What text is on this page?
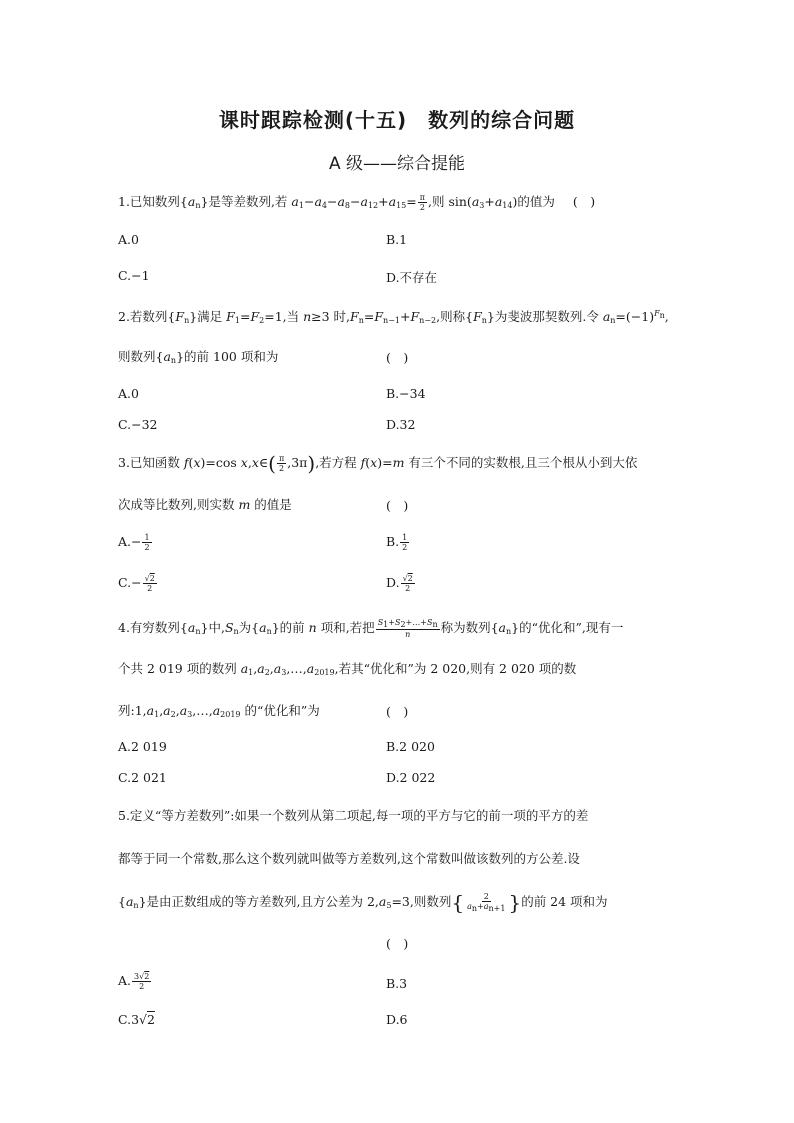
课时跟踪检测(十五)　数列的综合问题
A 级——综合提能
1.已知数列$\{a_n\}$是等差数列,若 $a_1-a_4-a_8-a_{12}+a_{15}= \frac{\pi}{2}$ ,则 $\sin(a_3+a_{14})$的值为 (　)
A.0	B.1
C.−1	D.不存在
2.若数列$\{F_n\}$满足 $F_1=F_2=1$,当 n≥3 时$,F_n=F_{n-1}+F_{n-2}$,则称$\{F_n\}$为斐波那契数列.令 $a_n=(-1)^{F_n}$,
则数列$\{a_n\}$的前 100 项和为	(　)
A.0	B.−34
C.−32	D.32
3.已知函数 f(x)=cos x,x∈( $\frac{\pi}{2} ,3\pi$),若方程 f(x)=m 有三个不同的实数根,且三个根从小到大依
次成等比数列,则实数 m 的值是	(　)
$A.- \frac{1}{2}$	B. $\frac{1}{2}$
$C.- \frac{√2}{2}$	D. $\frac{√2}{2}$
4.有穷数列$\{a_n\}$中$,S_n$为$\{a_n\}$的前 n 项和,若把 $\frac{S_1+S_2+\dots+S_n}{n}$ 称为数列$\{a_n\}$的“优化和”,现有一
个共 2 019 项的数列 $a_1,a_2,a_3,\dots,a_{2019}$,若其“优化和”为 2 020,则有 2 020 项的数
列$:1,a_1,a_2,a_3,\dots,a_{2019}$ 的“优化和”为	(　)
A.2 019	B.2 020
C.2 021	D.2 022
5.定义“等方差数列”:如果一个数列从第二项起,每一项的平方与它的前一项的平方的差
都等于同一个常数,那么这个数列就叫做等方差数列,这个常数叫做该数列的方公差.设
$\{a_n\}$是由正数组成的等方差数列,且方公差为 $2,a_5=3$,则数列{ $\frac{2}{a_n+a_{n+1}}$ }的前 24 项和为
(　)
A. $\frac{3√2}{2}$	B.3
C.3√2	D.6
